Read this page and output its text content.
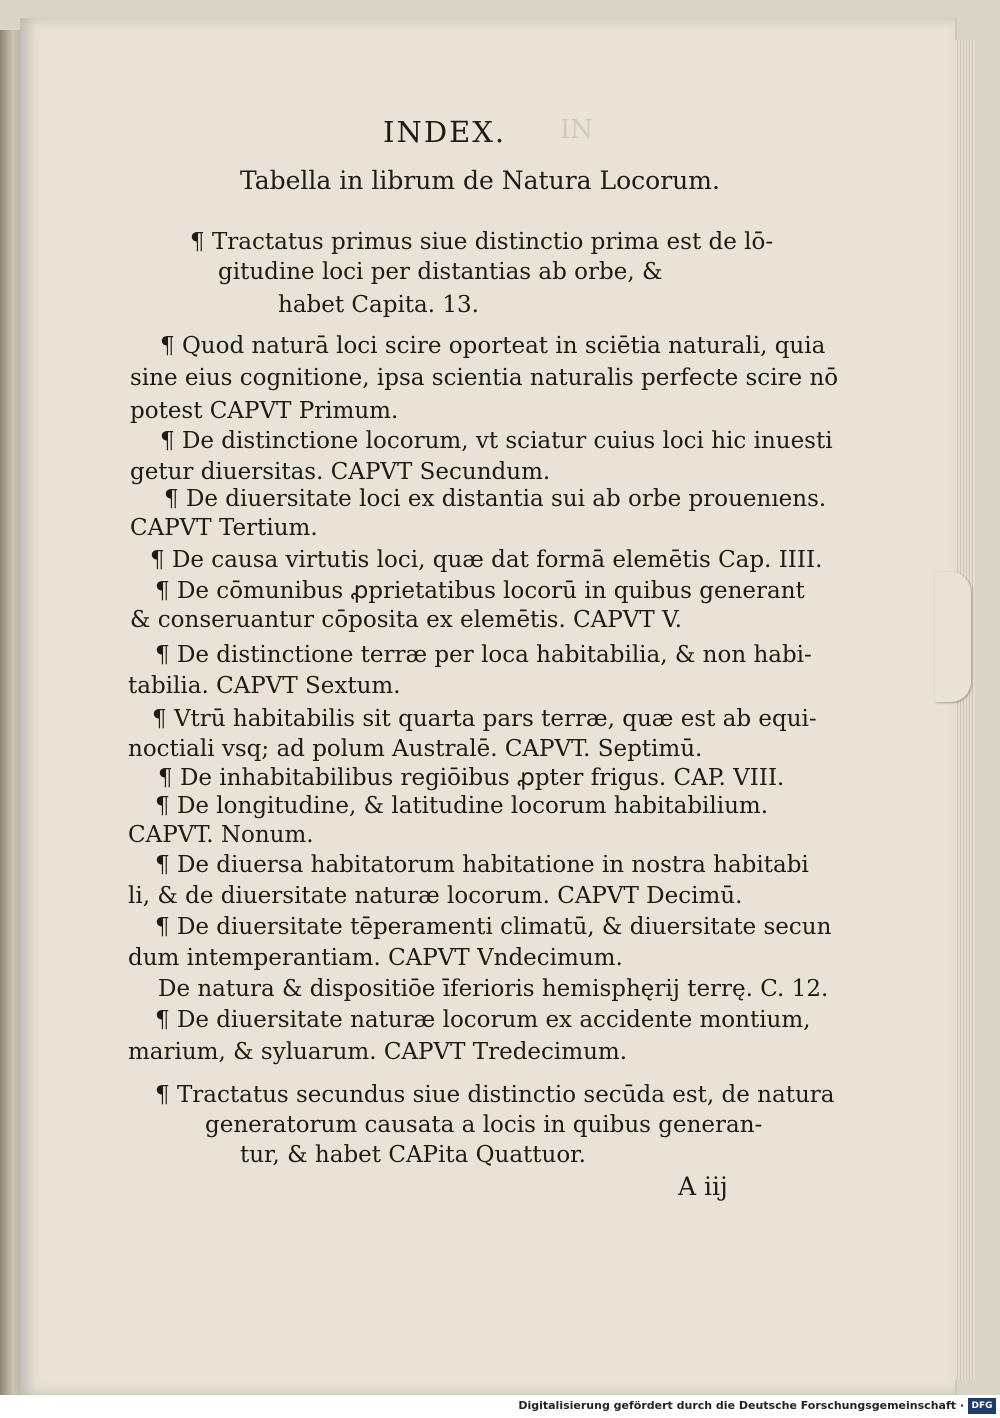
IN
INDEX.
Tabella in librum de Natura Locorum.
¶ Tractatus primus siue distinctio prima est de lō-
gitudine loci per distantias ab orbe, &
habet Capita. 13.
¶ Quod naturā loci scire oporteat in sciētia naturali, quia
sine eius cognitione, ipsa scientia naturalis perfecte scire nō
potest CAPVT Primum.
¶ De distinctione locorum, vt sciatur cuius loci hic inuesti
getur diuersitas. CAPVT Secundum.
¶ De diuersitate loci ex distantia sui ab orbe prouenıens.
CAPVT Tertium.
¶ De causa virtutis loci, quæ dat formā elemētis Cap. IIII.
¶ De cōmunibus ꝓprietatibus locorū in quibus generant
& conseruantur cōposita ex elemētis. CAPVT V.
¶ De distinctione terræ per loca habitabilia, & non habi-
tabilia. CAPVT Sextum.
¶ Vtrū habitabilis sit quarta pars terræ, quæ est ab equi-
noctiali vsq; ad polum Australē. CAPVT. Septimū.
¶ De inhabitabilibus regiōibus ꝓpter frigus. CAP. VIII.
¶ De longitudine, & latitudine locorum habitabilium.
CAPVT. Nonum.
¶ De diuersa habitatorum habitatione in nostra habitabi
li, & de diuersitate naturæ locorum. CAPVT Decimū.
¶ De diuersitate tēperamenti climatū, & diuersitate secun
dum intemperantiam. CAPVT Vndecimum.
De natura & dispositiōe īferioris hemisphęrij terrę. C. 12.
¶ De diuersitate naturæ locorum ex accidente montium,
marium, & syluarum. CAPVT Tredecimum.
¶ Tractatus secundus siue distinctio secūda est, de natura
generatorum causata a locis in quibus generan-
tur, & habet CAPita Quattuor.
A iij
Digitalisierung gefördert durch die Deutsche Forschungsgemeinschaft · DFG
